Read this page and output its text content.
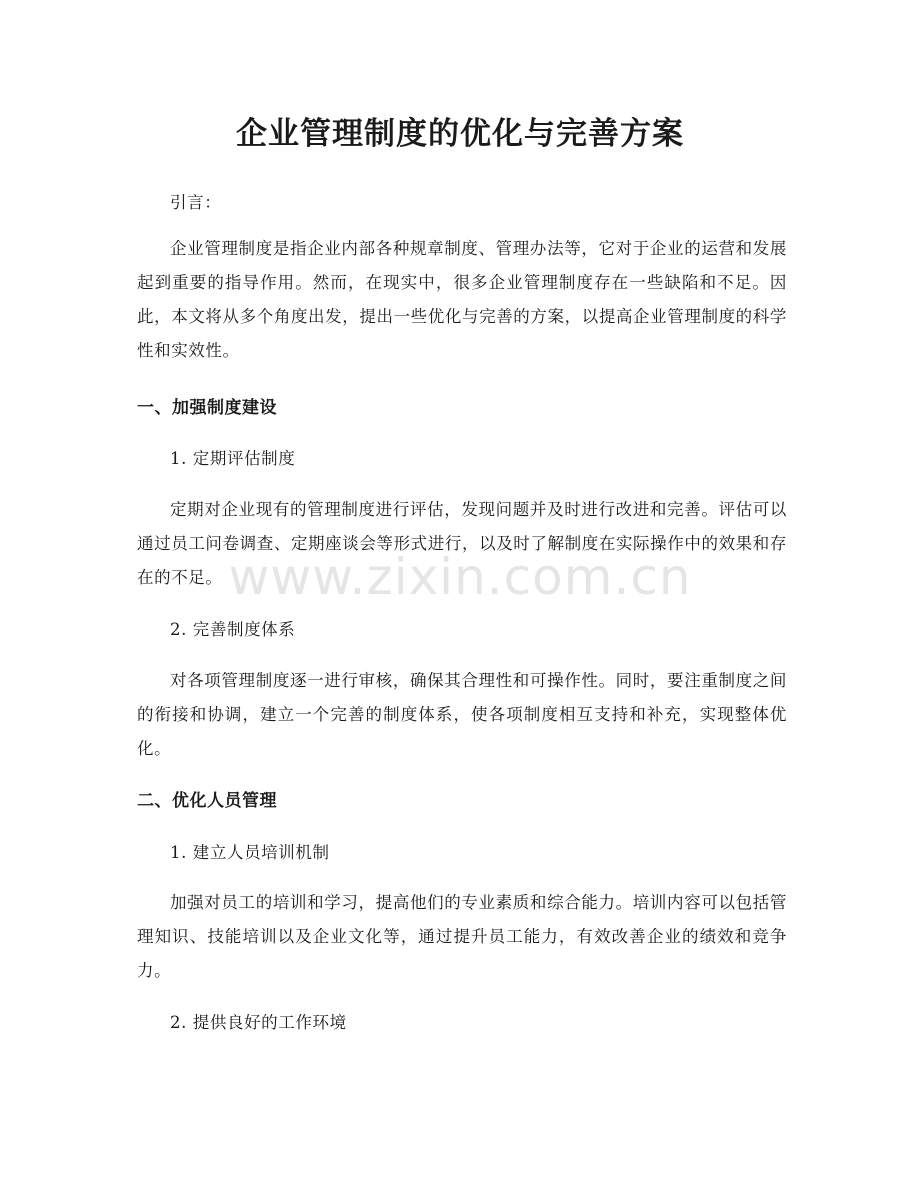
企业管理制度的优化与完善方案

引言：

企业管理制度是指企业内部各种规章制度、管理办法等，它对于企业的运营和发展起到重要的指导作用。然而，在现实中，很多企业管理制度存在一些缺陷和不足。因此，本文将从多个角度出发，提出一些优化与完善的方案，以提高企业管理制度的科学性和实效性。

一、加强制度建设

1. 定期评估制度

定期对企业现有的管理制度进行评估，发现问题并及时进行改进和完善。评估可以通过员工问卷调查、定期座谈会等形式进行，以及时了解制度在实际操作中的效果和存在的不足。

2. 完善制度体系

对各项管理制度逐一进行审核，确保其合理性和可操作性。同时，要注重制度之间的衔接和协调，建立一个完善的制度体系，使各项制度相互支持和补充，实现整体优化。

二、优化人员管理

1. 建立人员培训机制

加强对员工的培训和学习，提高他们的专业素质和综合能力。培训内容可以包括管理知识、技能培训以及企业文化等，通过提升员工能力，有效改善企业的绩效和竞争力。

2. 提供良好的工作环境

www.zixin.com.cn
